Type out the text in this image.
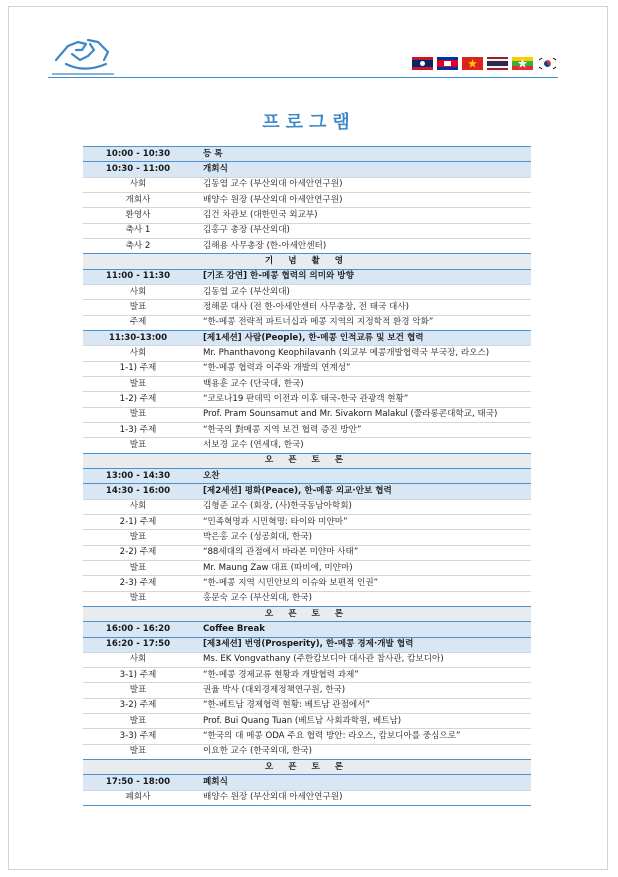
프로그램
10:00 - 10:30	등 록
10:30 - 11:00	개회식
사회	김동엽 교수 (부산외대 아세안연구원)
개회사	배양수 원장 (부산외대 아세안연구원)
환영사	김건 차관보 (대한민국 외교부)
축사 1	김홍구 총장 (부산외대)
축사 2	김해용 사무총장 (한-아세안센터)
기 념 촬 영	
11:00 - 11:30	[기조 강연] 한-메콩 협력의 의미와 방향
사회	김동엽 교수 (부산외대)
발표	정해문 대사 (전 한-아세안센터 사무총장, 전 태국 대사)
주제	“한-메콩 전략적 파트너십과 메콩 지역의 지정학적 환경 악화”
11:30-13:00	[제1세션] 사람(People), 한-메콩 인적교류 및 보건 협력
사회	Mr. Phanthavong Keophilavanh (외교부 메콩개발협력국 부국장, 라오스)
1-1) 주제	“한-메콩 협력과 이주와 개발의 연계성”
발표	백용훈 교수 (단국대, 한국)
1-2) 주제	“코로나19 판데믹 이전과 이후 태국-한국 관광객 현황”
발표	Prof. Pram Sounsamut and Mr. Sivakorn Malakul (쭐라롱콘대학교, 태국)
1-3) 주제	“한국의 對메콩 지역 보건 협력 증진 방안”
발표	서보경 교수 (연세대, 한국)
오 픈 토 론	
13:00 - 14:30	오찬
14:30 - 16:00	[제2세션] 평화(Peace), 한-메콩 외교·안보 협력
사회	김형준 교수 (회장, (사)한국동남아학회)
2-1) 주제	“민족혁명과 시민혁명: 타이와 미얀마”
발표	박은홍 교수 (성공회대, 한국)
2-2) 주제	“88세대의 관점에서 바라본 미얀마 사태”
발표	Mr. Maung Zaw 대표 (따비에, 미얀마)
2-3) 주제	“한-메콩 지역 시민안보의 이슈와 보편적 인권”
발표	홍문숙 교수 (부산외대, 한국)
오 픈 토 론	
16:00 - 16:20	Coffee Break
16:20 - 17:50	[제3세션] 번영(Prosperity), 한-메콩 경제·개발 협력
사회	Ms. EK Vongvathany (주한캄보디아 대사관 참사관, 캄보디아)
3-1) 주제	“한-메콩 경제교류 현황과 개발협력 과제”
발표	권율 박사 (대외경제정책연구원, 한국)
3-2) 주제	“한-베트남 경제협력 현황: 베트남 관점에서”
발표	Prof. Bui Quang Tuan (베트남 사회과학원, 베트남)
3-3) 주제	“한국의 대 메콩 ODA 주요 협력 방안: 라오스, 캄보디아를 중심으로”
발표	이요한 교수 (한국외대, 한국)
오 픈 토 론	
17:50 - 18:00	폐회식
폐회사	배양수 원장 (부산외대 아세안연구원)
